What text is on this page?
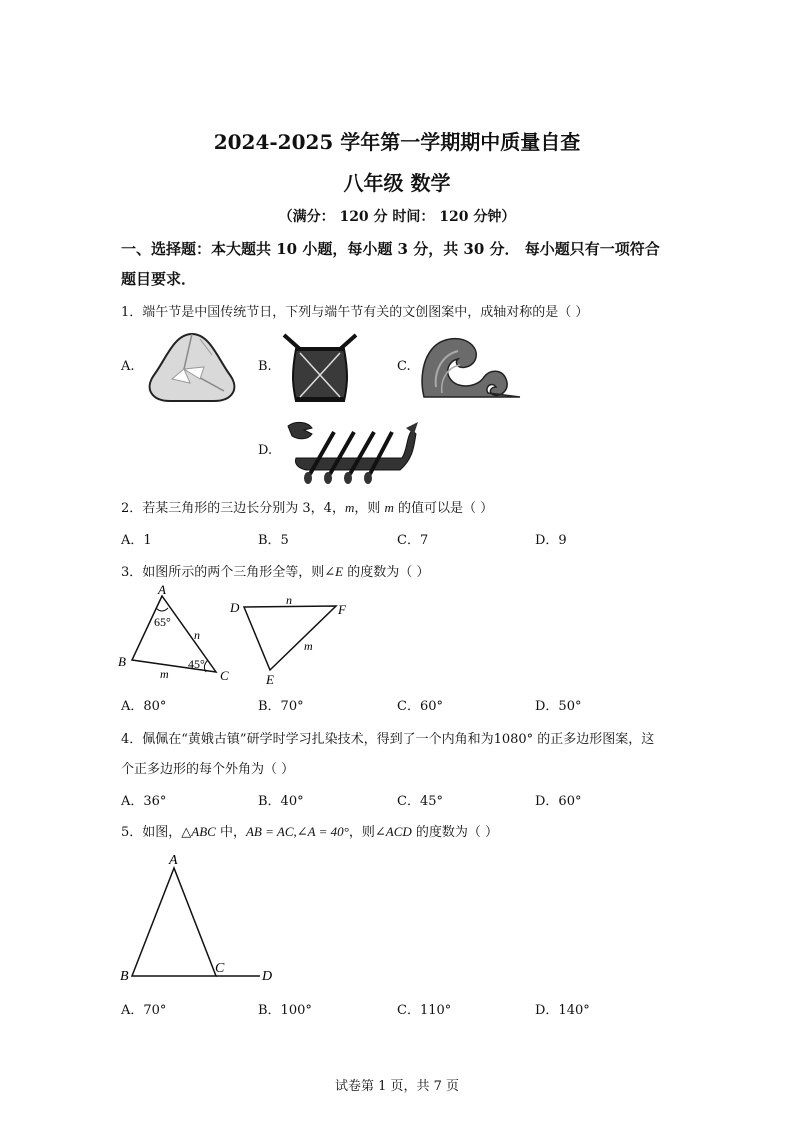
2024-2025 学年第一学期期中质量自查
八年级 数学
（满分： 120 分 时间： 120 分钟）
一、选择题：本大题共 10 小题，每小题 3 分，共 30 分． 每小题只有一项符合
题目要求．
1．端午节是中国传统节日，下列与端午节有关的文创图案中，成轴对称的是（ ）
A.	B.	C.
D.
2．若某三角形的三边长分别为 3，4，m，则 m 的值可以是（ ）
A．1	B．5	C．7	D．9
3．如图所示的两个三角形全等，则∠E 的度数为（ ）
A
B
C
65°
45°
n
m
D	F
E
n
m
A．80°	B．70°	C．60°	D．50°
4．佩佩在“黄娥古镇”研学时学习扎染技术，得到了一个内角和为1080° 的正多边形图案，这
个正多边形的每个外角为（ ）
A．36°	B．40°	C．45°	D．60°
5．如图，△ABC 中，AB = AC,∠A = 40°，则∠ACD 的度数为（ ）
A
B
C
D
A．70°	B．100°	C．110°	D．140°
试卷第 1 页，共 7 页
